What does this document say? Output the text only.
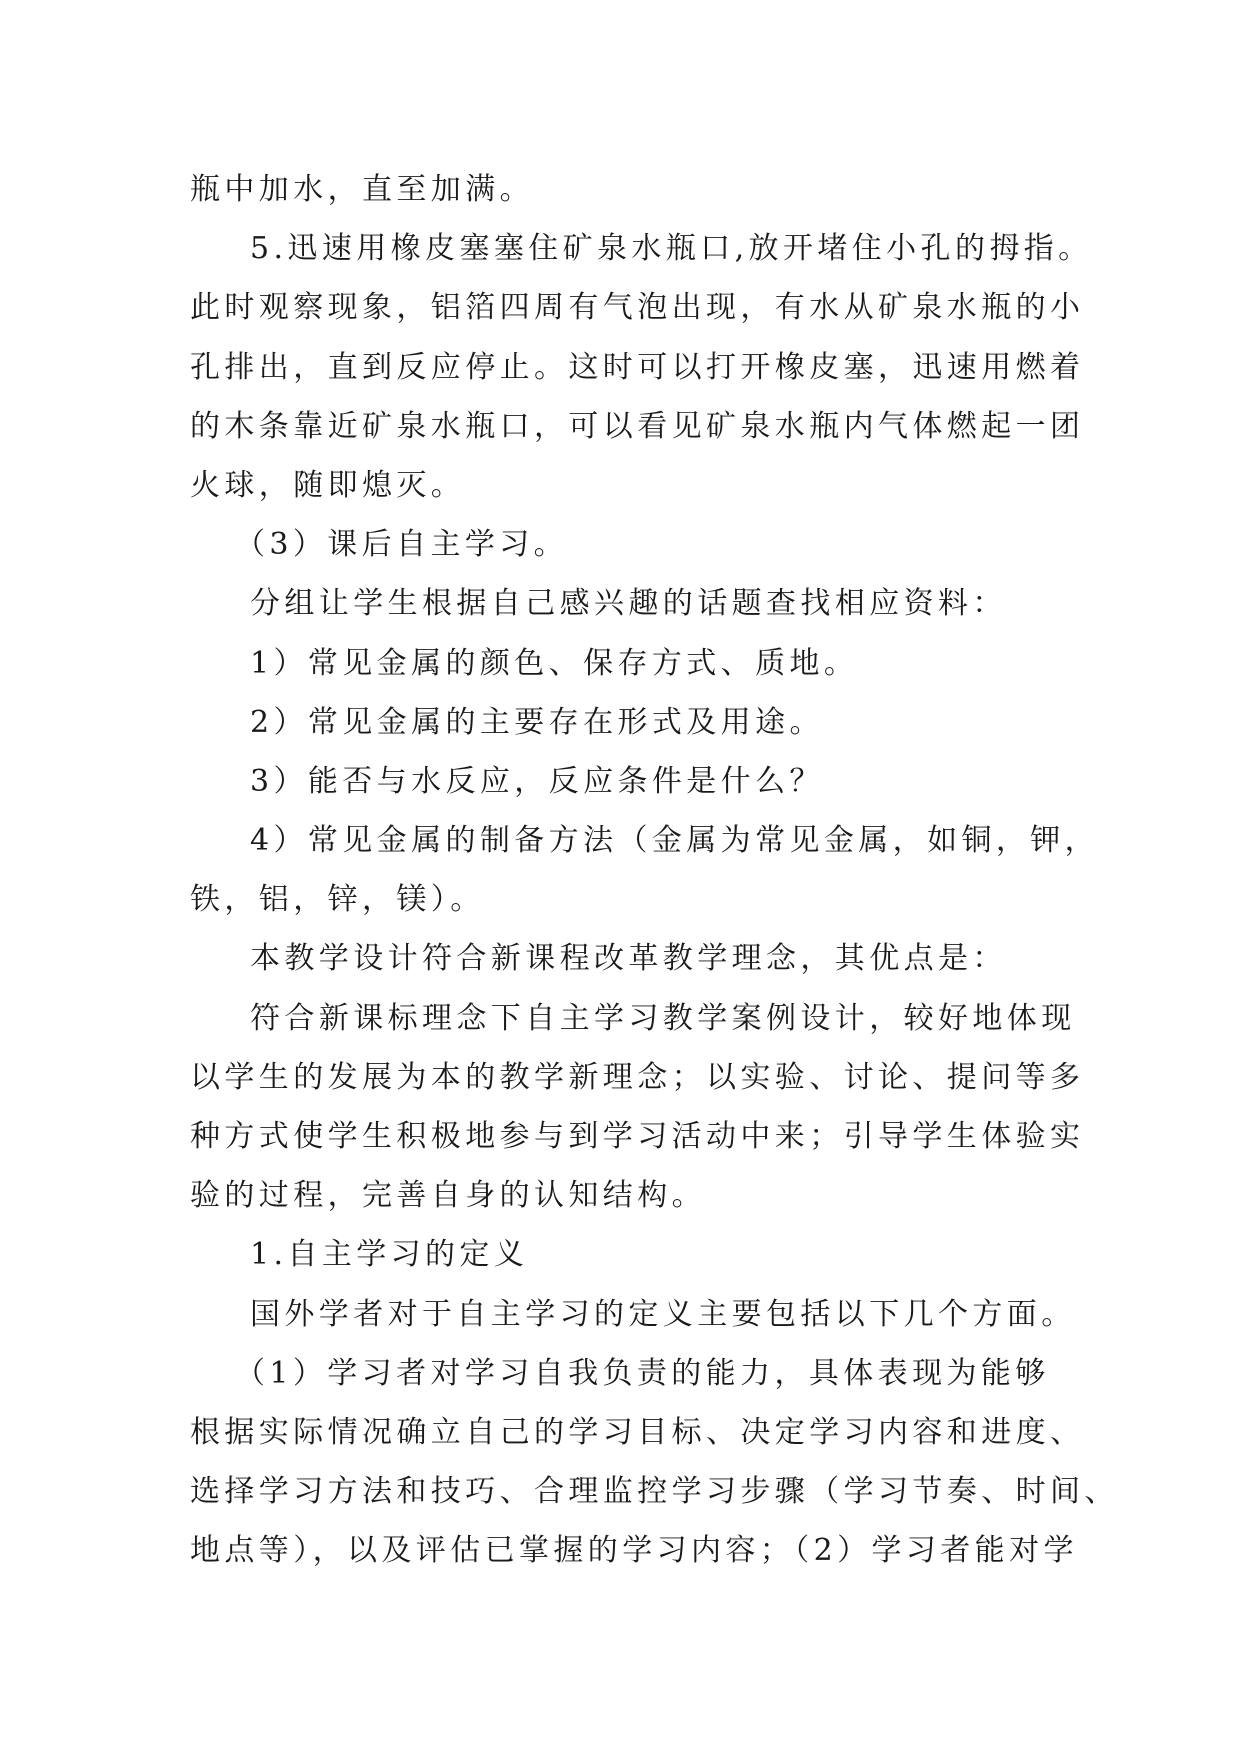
瓶中加水，直至加满。
5.迅速用橡皮塞塞住矿泉水瓶口,放开堵住小孔的拇指。
此时观察现象，铝箔四周有气泡出现，有水从矿泉水瓶的小
孔排出，直到反应停止。这时可以打开橡皮塞，迅速用燃着
的木条靠近矿泉水瓶口，可以看见矿泉水瓶内气体燃起一团
火球，随即熄灭。
（3）课后自主学习。
分组让学生根据自己感兴趣的话题查找相应资料：
1）常见金属的颜色、保存方式、质地。
2）常见金属的主要存在形式及用途。
3）能否与水反应，反应条件是什么？
4）常见金属的制备方法（金属为常见金属，如铜，钾，
铁，铝，锌，镁）。
本教学设计符合新课程改革教学理念，其优点是：
符合新课标理念下自主学习教学案例设计，较好地体现
以学生的发展为本的教学新理念；以实验、讨论、提问等多
种方式使学生积极地参与到学习活动中来；引导学生体验实
验的过程，完善自身的认知结构。
1.自主学习的定义
国外学者对于自主学习的定义主要包括以下几个方面。
（1）学习者对学习自我负责的能力，具体表现为能够
根据实际情况确立自己的学习目标、决定学习内容和进度、
选择学习方法和技巧、合理监控学习步骤（学习节奏、时间、
地点等），以及评估已掌握的学习内容；（2）学习者能对学
